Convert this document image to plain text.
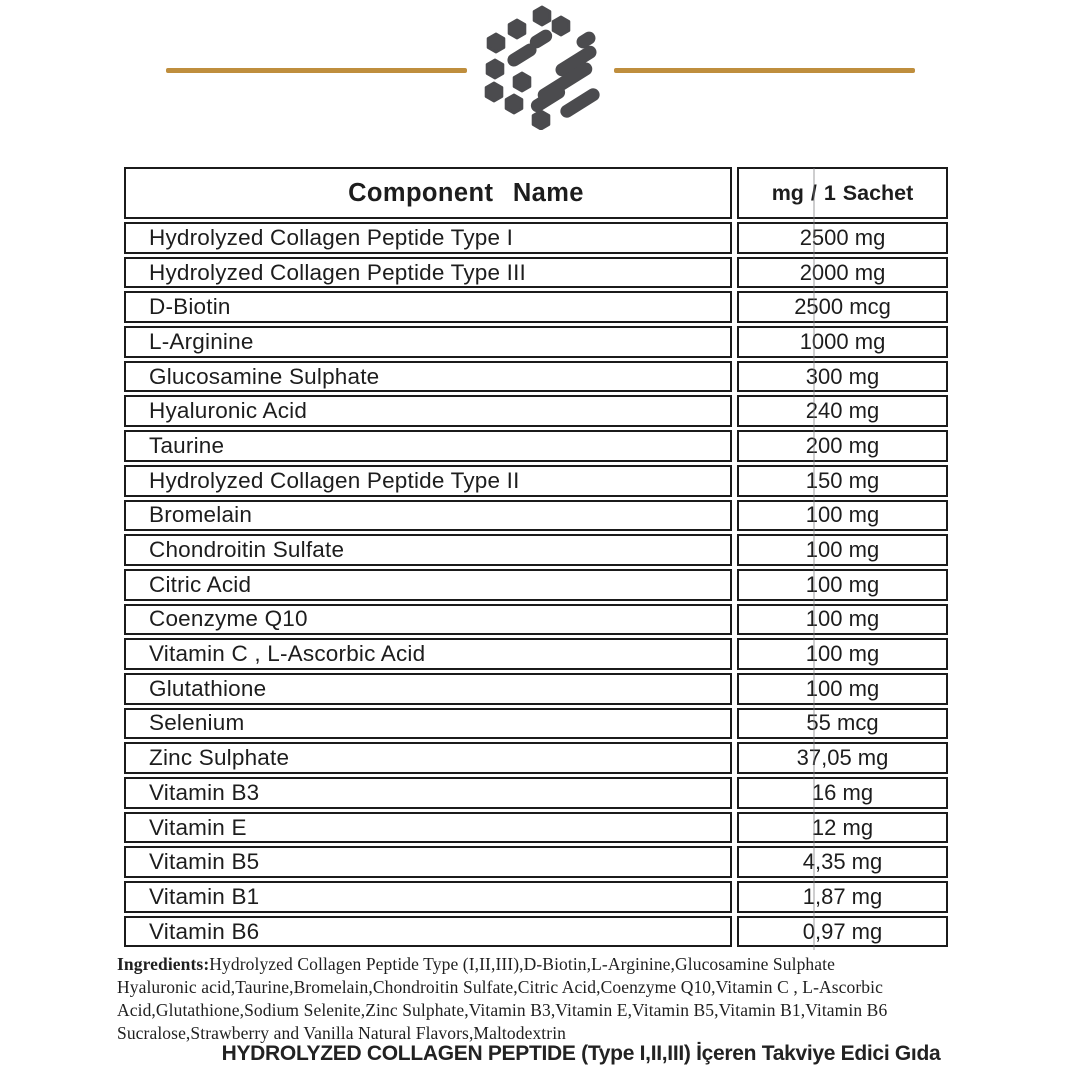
Component Name	mg / 1 Sachet
Hydrolyzed Collagen Peptide Type I	2500 mg
Hydrolyzed Collagen Peptide Type III	2000 mg
D-Biotin	2500 mcg
L-Arginine	1000 mg
Glucosamine Sulphate	300 mg
Hyaluronic Acid	240 mg
Taurine	200 mg
Hydrolyzed Collagen Peptide Type II	150 mg
Bromelain	100 mg
Chondroitin Sulfate	100 mg
Citric Acid	100 mg
Coenzyme Q10	100 mg
Vitamin C , L-Ascorbic Acid	100 mg
Glutathione	100 mg
Selenium	55 mcg
Zinc Sulphate	37,05 mg
Vitamin B3	16 mg
Vitamin E	12 mg
Vitamin B5	4,35 mg
Vitamin B1	1,87 mg
Vitamin B6	0,97 mg
Ingredients:Hydrolyzed Collagen Peptide Type (I,II,III),D-Biotin,L-Arginine,Glucosamine Sulphate
Hyaluronic acid,Taurine,Bromelain,Chondroitin Sulfate,Citric Acid,Coenzyme Q10,Vitamin C , L-Ascorbic
Acid,Glutathione,Sodium Selenite,Zinc Sulphate,Vitamin B3,Vitamin E,Vitamin B5,Vitamin B1,Vitamin B6
Sucralose,Strawberry and Vanilla Natural Flavors,Maltodextrin
HYDROLYZED COLLAGEN PEPTIDE (Type I,II,III) İçeren Takviye Edici Gıda
